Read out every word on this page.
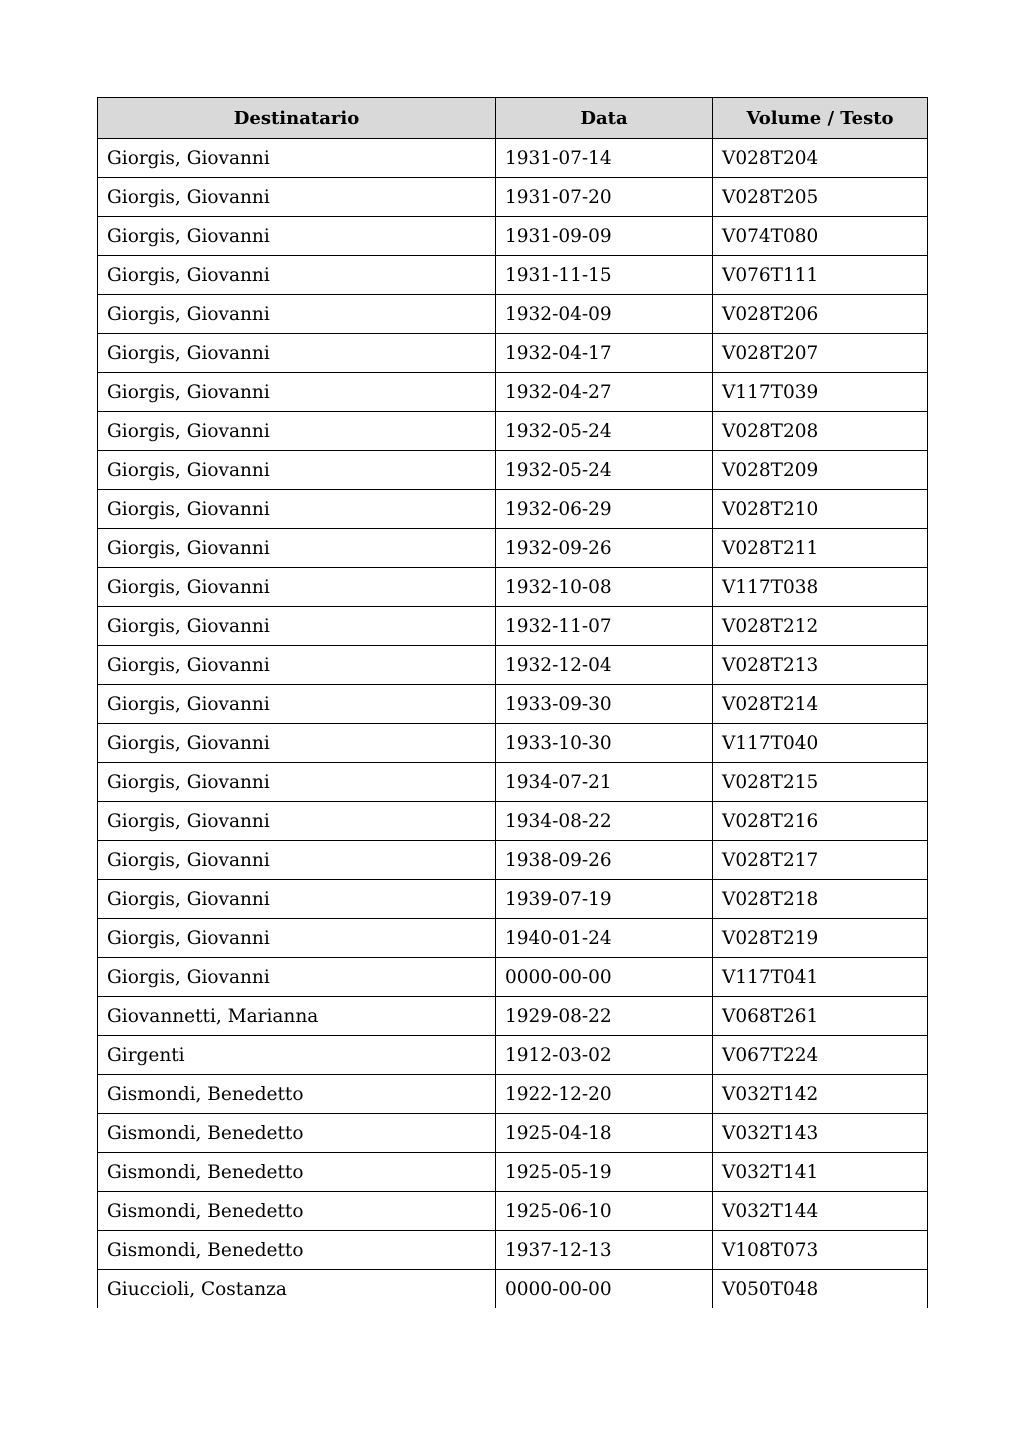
Destinatario	Data	Volume / Testo
Giorgis, Giovanni	1931-07-14	V028T204
Giorgis, Giovanni	1931-07-20	V028T205
Giorgis, Giovanni	1931-09-09	V074T080
Giorgis, Giovanni	1931-11-15	V076T111
Giorgis, Giovanni	1932-04-09	V028T206
Giorgis, Giovanni	1932-04-17	V028T207
Giorgis, Giovanni	1932-04-27	V117T039
Giorgis, Giovanni	1932-05-24	V028T208
Giorgis, Giovanni	1932-05-24	V028T209
Giorgis, Giovanni	1932-06-29	V028T210
Giorgis, Giovanni	1932-09-26	V028T211
Giorgis, Giovanni	1932-10-08	V117T038
Giorgis, Giovanni	1932-11-07	V028T212
Giorgis, Giovanni	1932-12-04	V028T213
Giorgis, Giovanni	1933-09-30	V028T214
Giorgis, Giovanni	1933-10-30	V117T040
Giorgis, Giovanni	1934-07-21	V028T215
Giorgis, Giovanni	1934-08-22	V028T216
Giorgis, Giovanni	1938-09-26	V028T217
Giorgis, Giovanni	1939-07-19	V028T218
Giorgis, Giovanni	1940-01-24	V028T219
Giorgis, Giovanni	0000-00-00	V117T041
Giovannetti, Marianna	1929-08-22	V068T261
Girgenti	1912-03-02	V067T224
Gismondi, Benedetto	1922-12-20	V032T142
Gismondi, Benedetto	1925-04-18	V032T143
Gismondi, Benedetto	1925-05-19	V032T141
Gismondi, Benedetto	1925-06-10	V032T144
Gismondi, Benedetto	1937-12-13	V108T073
Giuccioli, Costanza	0000-00-00	V050T048
